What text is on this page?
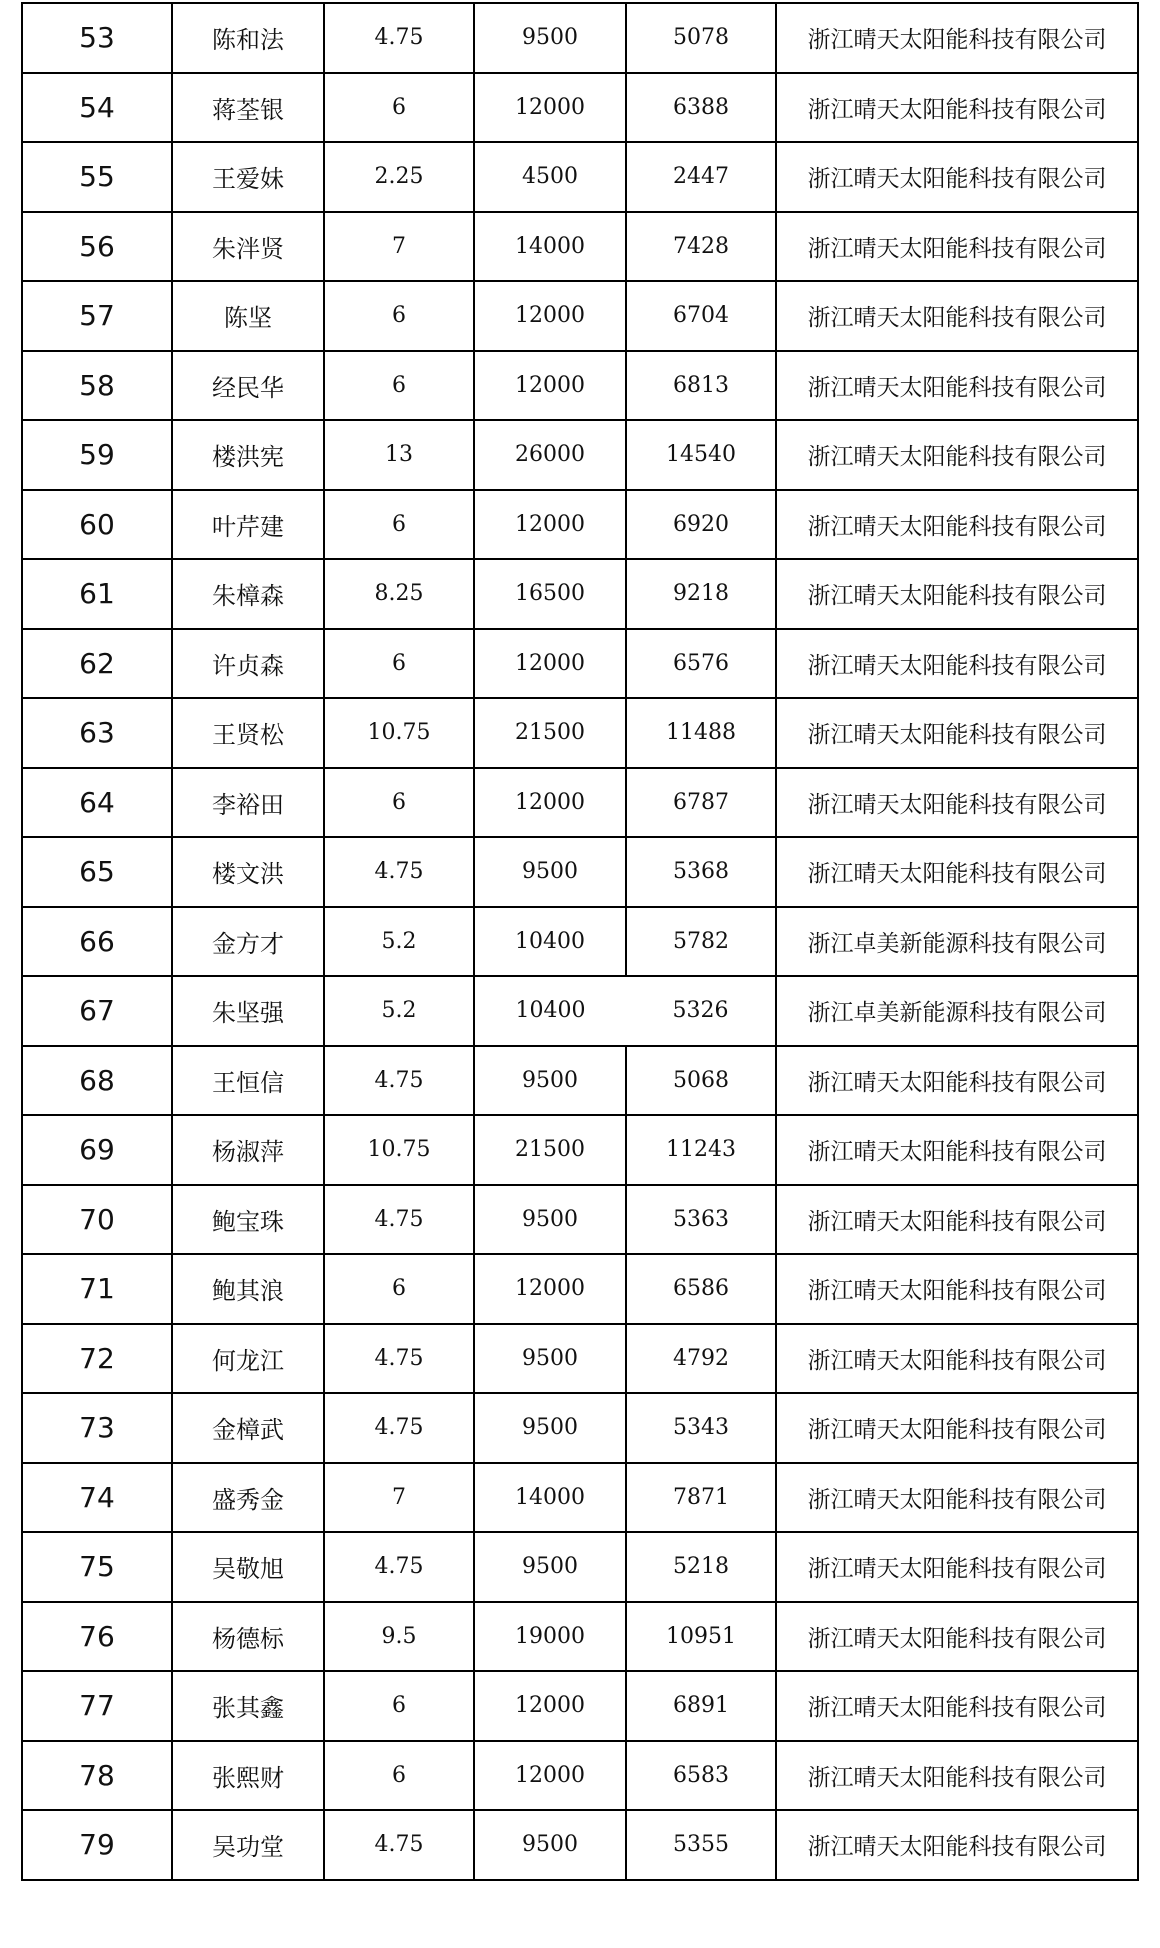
53	陈和法	4.75	9500	5078	浙江晴天太阳能科技有限公司
54	蒋荃银	6	12000	6388	浙江晴天太阳能科技有限公司
55	王爱妹	2.25	4500	2447	浙江晴天太阳能科技有限公司
56	朱泮贤	7	14000	7428	浙江晴天太阳能科技有限公司
57	陈坚	6	12000	6704	浙江晴天太阳能科技有限公司
58	经民华	6	12000	6813	浙江晴天太阳能科技有限公司
59	楼洪宪	13	26000	14540	浙江晴天太阳能科技有限公司
60	叶芹建	6	12000	6920	浙江晴天太阳能科技有限公司
61	朱樟森	8.25	16500	9218	浙江晴天太阳能科技有限公司
62	许贞森	6	12000	6576	浙江晴天太阳能科技有限公司
63	王贤松	10.75	21500	11488	浙江晴天太阳能科技有限公司
64	李裕田	6	12000	6787	浙江晴天太阳能科技有限公司
65	楼文洪	4.75	9500	5368	浙江晴天太阳能科技有限公司
66	金方才	5.2	10400	5782	浙江卓美新能源科技有限公司
67	朱坚强	5.2	10400	5326	浙江卓美新能源科技有限公司
68	王恒信	4.75	9500	5068	浙江晴天太阳能科技有限公司
69	杨淑萍	10.75	21500	11243	浙江晴天太阳能科技有限公司
70	鲍宝珠	4.75	9500	5363	浙江晴天太阳能科技有限公司
71	鲍其浪	6	12000	6586	浙江晴天太阳能科技有限公司
72	何龙江	4.75	9500	4792	浙江晴天太阳能科技有限公司
73	金樟武	4.75	9500	5343	浙江晴天太阳能科技有限公司
74	盛秀金	7	14000	7871	浙江晴天太阳能科技有限公司
75	吴敬旭	4.75	9500	5218	浙江晴天太阳能科技有限公司
76	杨德标	9.5	19000	10951	浙江晴天太阳能科技有限公司
77	张其鑫	6	12000	6891	浙江晴天太阳能科技有限公司
78	张熙财	6	12000	6583	浙江晴天太阳能科技有限公司
79	吴功堂	4.75	9500	5355	浙江晴天太阳能科技有限公司
